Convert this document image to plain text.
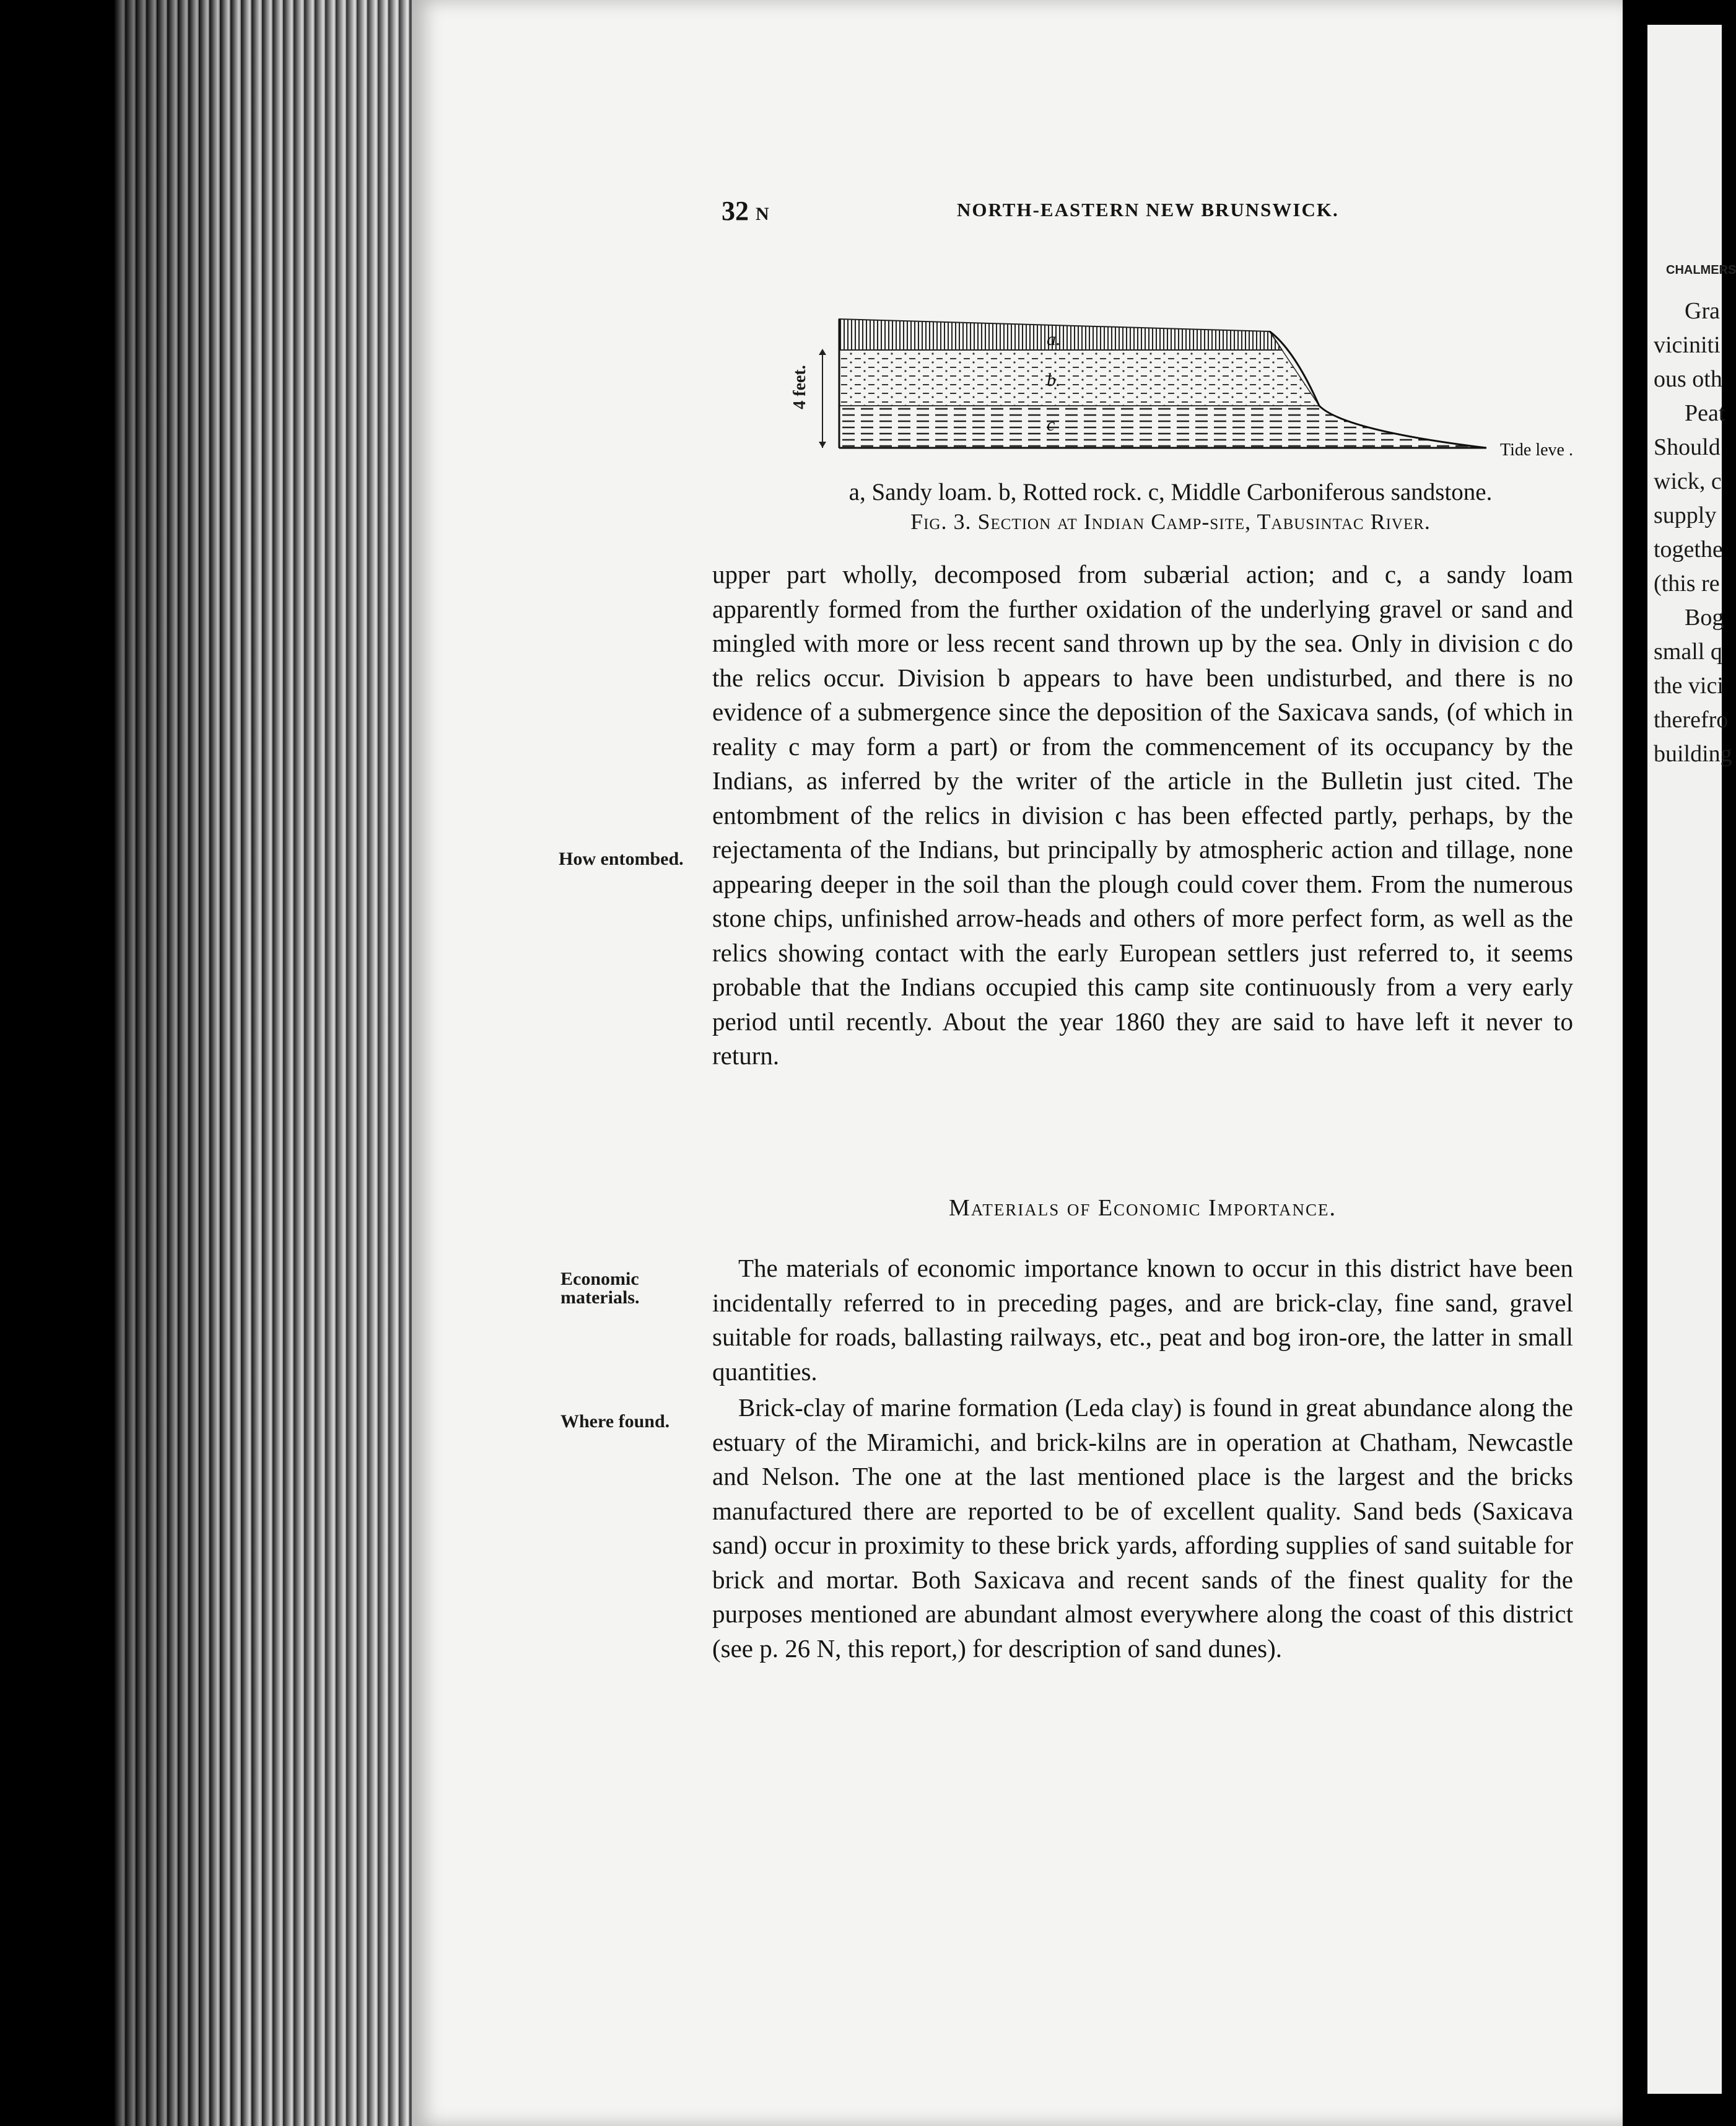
32 N	NORTH-EASTERN NEW BRUNSWICK.
4 feet.
a.
b.
c
Tide leve .
a, Sandy loam. b, Rotted rock. c, Middle Carboniferous sandstone.
Fig. 3. Section at Indian Camp-site, Tabusintac River.
How entombed.
upper part wholly, decomposed from subærial action; and c, a sandy loam apparently formed from the further oxidation of the underlying gravel or sand and mingled with more or less recent sand thrown up by the sea. Only in division c do the relics occur. Division b appears to have been undisturbed, and there is no evidence of a submergence since the deposition of the Saxicava sands, (of which in reality c may form a part) or from the commencement of its occupancy by the Indians, as inferred by the writer of the article in the Bulletin just cited. The entombment of the relics in division c has been effected partly, perhaps, by the rejectamenta of the Indians, but principally by atmospheric action and tillage, none appearing deeper in the soil than the plough could cover them. From the numerous stone chips, unfinished arrow-heads and others of more perfect form, as well as the relics showing contact with the early European settlers just referred to, it seems probable that the Indians occupied this camp site continuously from a very early period until recently. About the year 1860 they are said to have left it never to return.
Materials of Economic Importance.
Economic materials.
The materials of economic importance known to occur in this district have been incidentally referred to in preceding pages, and are brick-clay, fine sand, gravel suitable for roads, ballasting railways, etc., peat and bog iron-ore, the latter in small quantities.
Where found.	Brick-clay of marine formation (Leda clay) is found in great abundance along the estuary of the Miramichi, and brick-kilns are in operation at Chatham, Newcastle and Nelson. The one at the last mentioned place is the largest and the bricks manufactured there are reported to be of excellent quality. Sand beds (Saxicava sand) occur in proximity to these brick yards, affording supplies of sand suitable for brick and mortar. Both Saxicava and recent sands of the finest quality for the purposes mentioned are abundant almost everywhere along the coast of this district (see p. 26 N, this report,) for description of sand dunes).
CHALMERS
Gra
viciniti
ous oth
Peat
Should
wick, c
supply
togethe
(this re
Bog
small q
the vici
therefro
building
